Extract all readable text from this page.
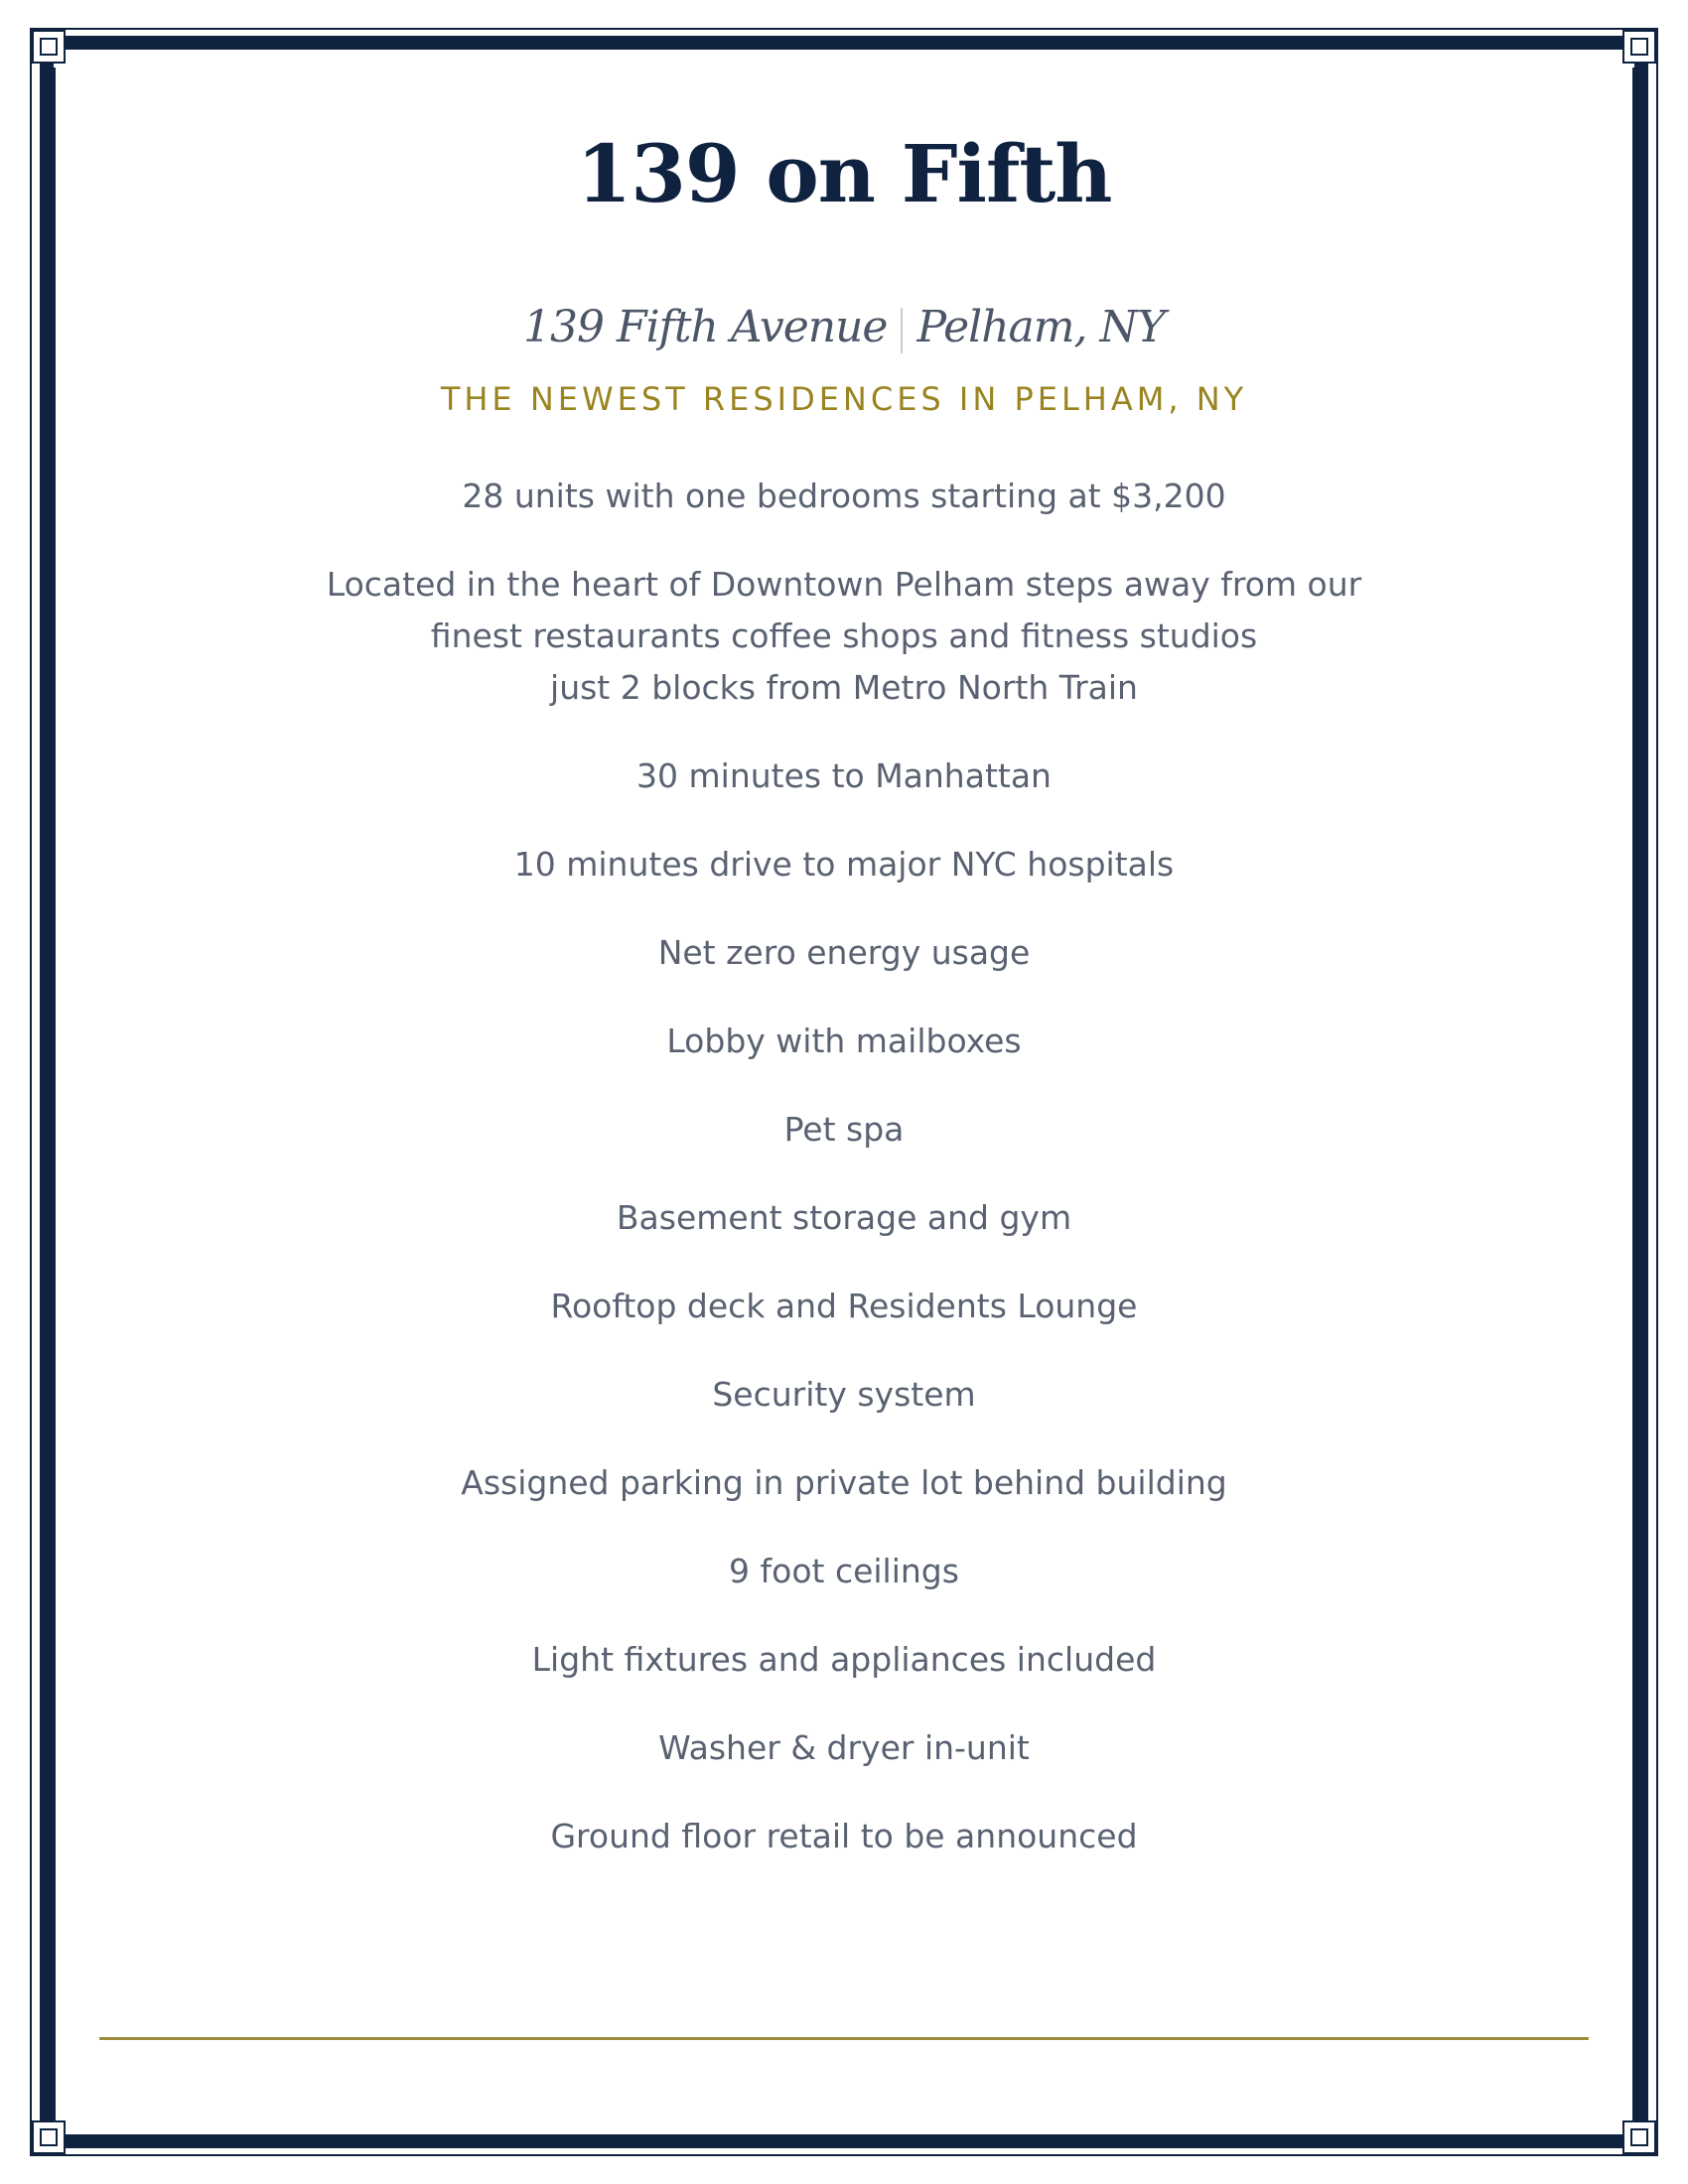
139 on Fifth
139 Fifth Avenue Pelham, NY
THE NEWEST RESIDENCES IN PELHAM, NY
28 units with one bedrooms starting at $3,200
Located in the heart of Downtown Pelham steps away from our
finest restaurants coffee shops and fitness studios
just 2 blocks from Metro North Train
30 minutes to Manhattan
10 minutes drive to major NYC hospitals
Net zero energy usage
Lobby with mailboxes
Pet spa
Basement storage and gym
Rooftop deck and Residents Lounge
Security system
Assigned parking in private lot behind building
9 foot ceilings
Light fixtures and appliances included
Washer & dryer in-unit
Ground floor retail to be announced
